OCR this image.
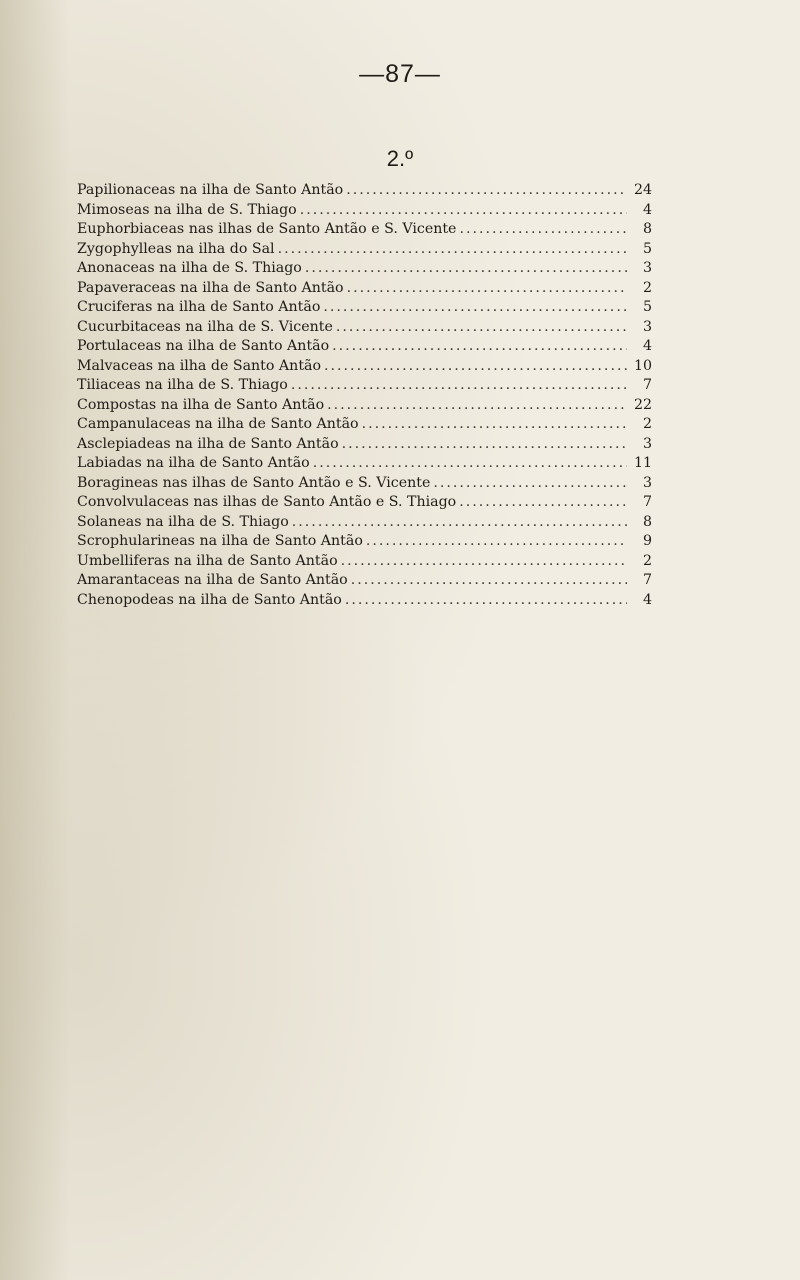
—87—
2.º
Papilionaceas na ilha de Santo Antão .....	24
Mimoseas na ilha de S. Thiago .....	4
Euphorbiaceas nas ilhas de Santo Antão e S. Vicente .....	8
Zygophylleas na ilha do Sal .....	5
Anonaceas na ilha de S. Thiago .....	3
Papaveraceas na ilha de Santo Antão .....	2
Cruciferas na ilha de Santo Antão .....	5
Cucurbitaceas na ilha de S. Vicente .....	3
Portulaceas na ilha de Santo Antão .....	4
Malvaceas na ilha de Santo Antão .....	10
Tiliaceas na ilha de S. Thiago .....	7
Compostas na ilha de Santo Antão .....	22
Campanulaceas na ilha de Santo Antão .....	2
Asclepiadeas na ilha de Santo Antão .....	3
Labiadas na ilha de Santo Antão .....	11
Boragineas nas ilhas de Santo Antão e S. Vicente .....	3
Convolvulaceas nas ilhas de Santo Antão e S. Thiago .....	7
Solaneas na ilha de S. Thiago .....	8
Scrophularineas na ilha de Santo Antão .....	9
Umbelliferas na ilha de Santo Antão .....	2
Amarantaceas na ilha de Santo Antão .....	7
Chenopodeas na ilha de Santo Antão .....	4
